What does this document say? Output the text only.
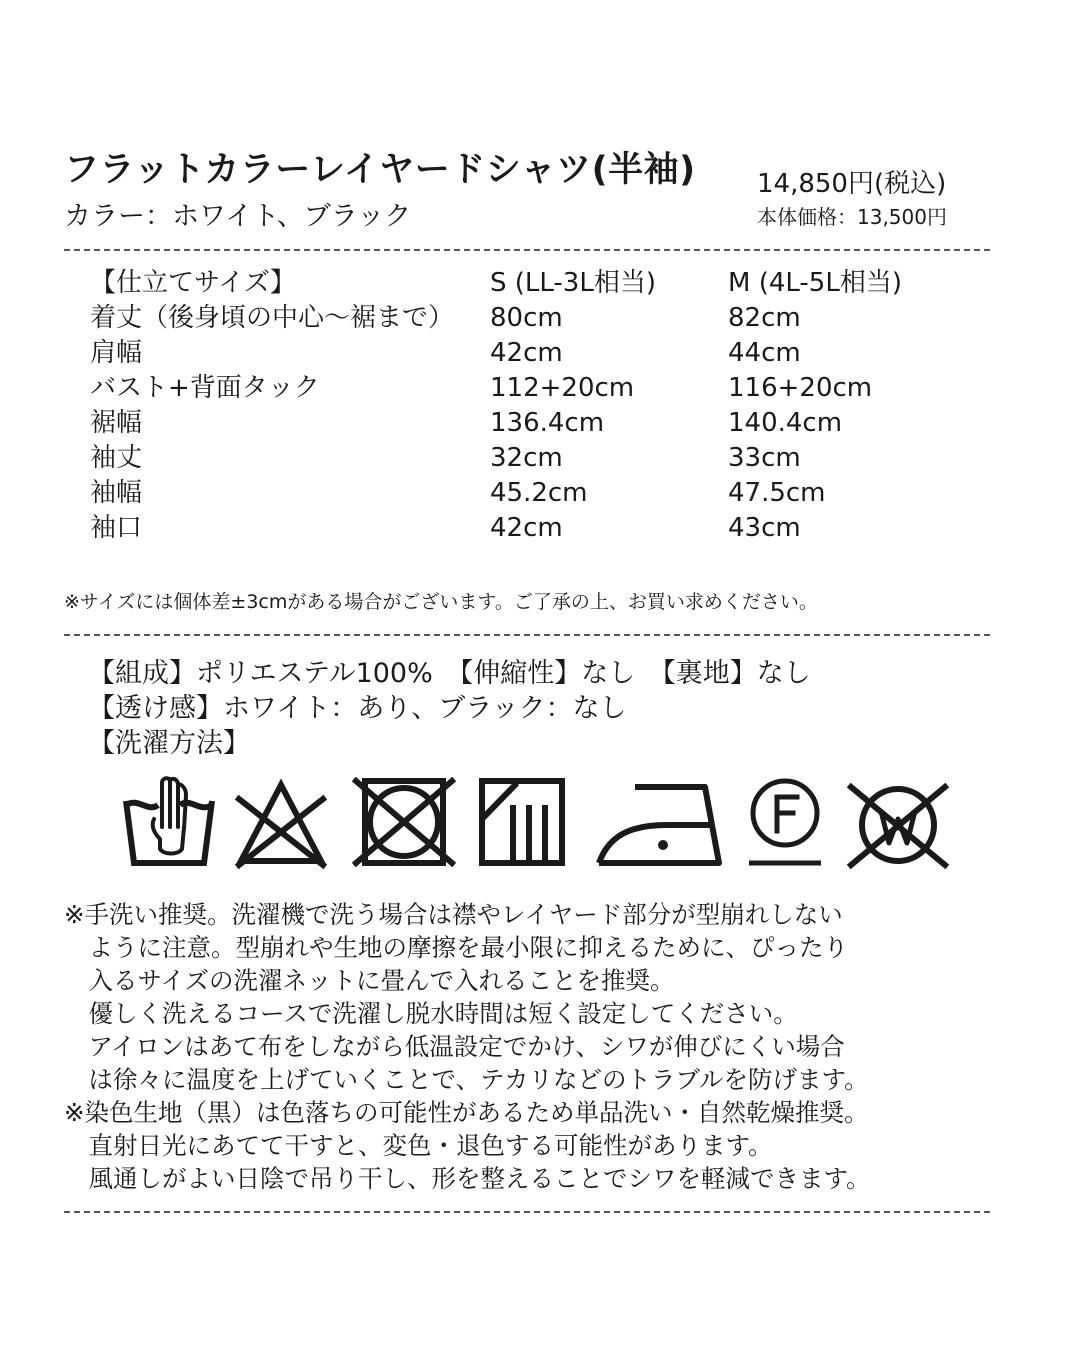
フラットカラーレイヤードシャツ(半袖)
カラー：ホワイト、ブラック
14,850円(税込)
本体価格：13,500円
【仕立てサイズ】	S (LL-3L相当)	M (4L-5L相当)
着丈（後身頃の中心～裾まで）	80cm	82cm
肩幅	42cm	44cm
バスト+背面タック	112+20cm	116+20cm
裾幅	136.4cm	140.4cm
袖丈	32cm	33cm
袖幅	45.2cm	47.5cm
袖口	42cm	43cm
※サイズには個体差±3cmがある場合がございます。ご了承の上、お買い求めください。
【組成】ポリエステル100%　【伸縮性】なし　【裏地】なし
【透け感】ホワイト：あり、ブラック：なし
【洗濯方法】
※手洗い推奨。洗濯機で洗う場合は襟やレイヤード部分が型崩れしない
　ように注意。型崩れや生地の摩擦を最小限に抑えるために、ぴったり
　入るサイズの洗濯ネットに畳んで入れることを推奨。
　優しく洗えるコースで洗濯し脱水時間は短く設定してください。
　アイロンはあて布をしながら低温設定でかけ、シワが伸びにくい場合
　は徐々に温度を上げていくことで、テカリなどのトラブルを防げます。
※染色生地（黒）は色落ちの可能性があるため単品洗い・自然乾燥推奨。
　直射日光にあてて干すと、変色・退色する可能性があります。
　風通しがよい日陰で吊り干し、形を整えることでシワを軽減できます。
